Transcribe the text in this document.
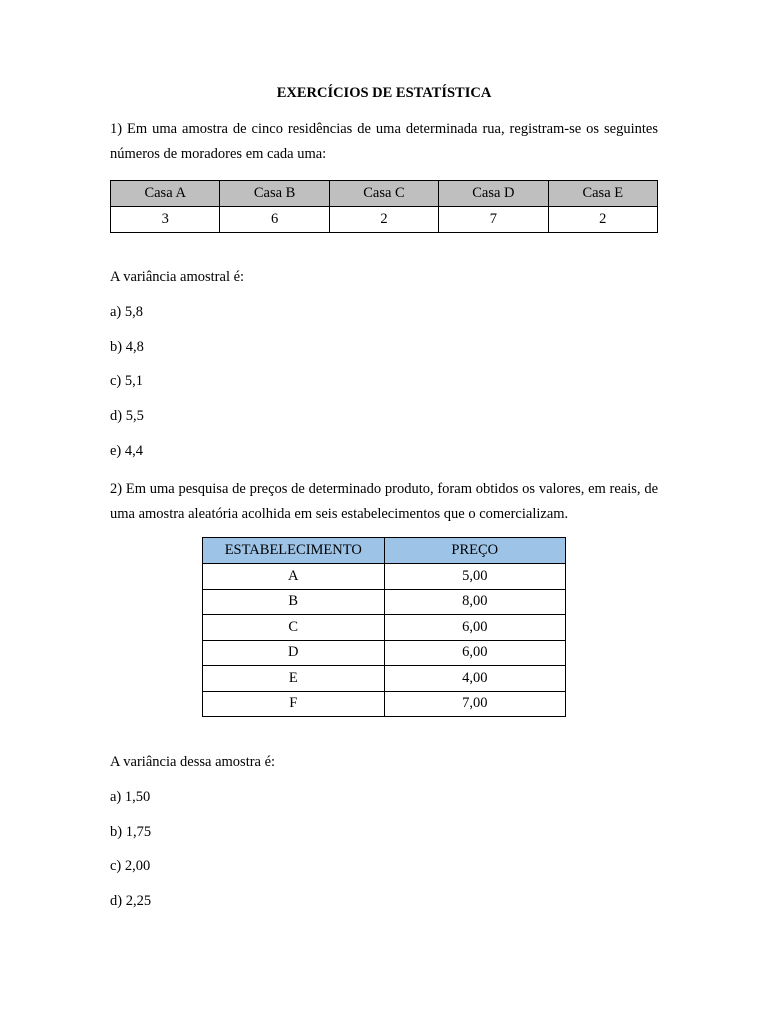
EXERCÍCIOS DE ESTATÍSTICA
1) Em uma amostra de cinco residências de uma determinada rua, registram-se os seguintes números de moradores em cada uma:
Casa A	Casa B	Casa C	Casa D	Casa E
3	6	2	7	2
A variância amostral é:
a) 5,8
b) 4,8
c) 5,1
d) 5,5
e) 4,4
2) Em uma pesquisa de preços de determinado produto, foram obtidos os valores, em reais, de uma amostra aleatória acolhida em seis estabelecimentos que o comercializam.
ESTABELECIMENTO	PREÇO
A	5,00
B	8,00
C	6,00
D	6,00
E	4,00
F	7,00
A variância dessa amostra é:
a) 1,50
b) 1,75
c) 2,00
d) 2,25
